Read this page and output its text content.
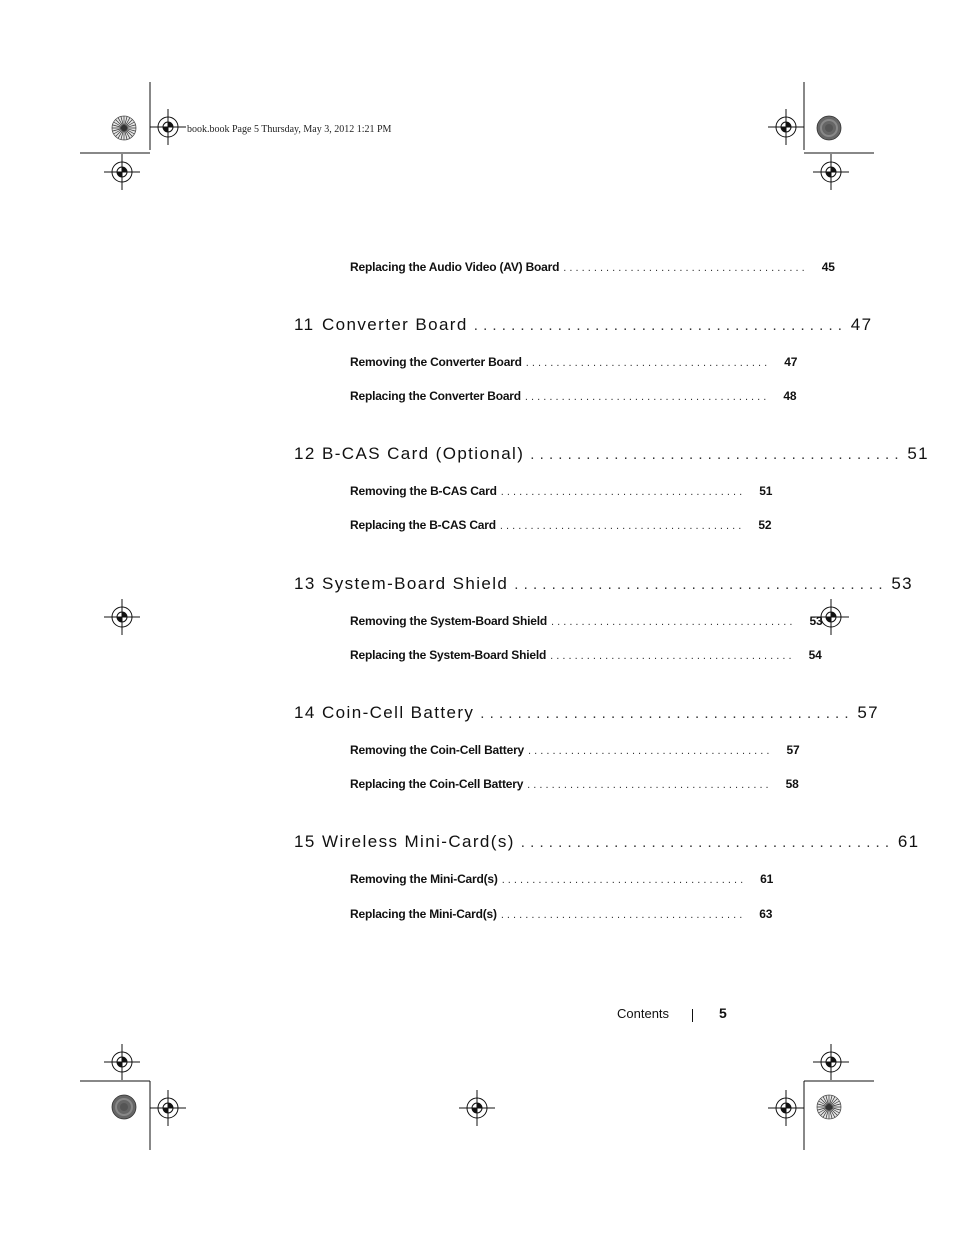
book.book Page 5 Thursday, May 3, 2012 1:21 PM
Replacing the Audio Video (AV) Board . . . . . . . . . . . . . . . . . . . . . . . . . . . . . . . . . . . . . . . .	45
11 Converter Board . . . . . . . . . . . . . . . . . . . . . . . . . . . . . . . . . . . . . . . . 47
Removing the Converter Board . . . . . . . . . . . . . . . . . . . . . . . . . . . . . . . . . . . . . . . .	47
Replacing the Converter Board . . . . . . . . . . . . . . . . . . . . . . . . . . . . . . . . . . . . . . . .	48
12 B-CAS Card (Optional) . . . . . . . . . . . . . . . . . . . . . . . . . . . . . . . . . . . . . . . . 51
Removing the B-CAS Card . . . . . . . . . . . . . . . . . . . . . . . . . . . . . . . . . . . . . . . .	51
Replacing the B-CAS Card . . . . . . . . . . . . . . . . . . . . . . . . . . . . . . . . . . . . . . . .	52
13 System-Board Shield . . . . . . . . . . . . . . . . . . . . . . . . . . . . . . . . . . . . . . . . 53
Removing the System-Board Shield . . . . . . . . . . . . . . . . . . . . . . . . . . . . . . . . . . . . . . . .	53
Replacing the System-Board Shield . . . . . . . . . . . . . . . . . . . . . . . . . . . . . . . . . . . . . . . .	54
14 Coin-Cell Battery . . . . . . . . . . . . . . . . . . . . . . . . . . . . . . . . . . . . . . . . 57
Removing the Coin-Cell Battery . . . . . . . . . . . . . . . . . . . . . . . . . . . . . . . . . . . . . . . .	57
Replacing the Coin-Cell Battery . . . . . . . . . . . . . . . . . . . . . . . . . . . . . . . . . . . . . . . .	58
15 Wireless Mini-Card(s) . . . . . . . . . . . . . . . . . . . . . . . . . . . . . . . . . . . . . . . . 61
Removing the Mini-Card(s) . . . . . . . . . . . . . . . . . . . . . . . . . . . . . . . . . . . . . . . .	61
Replacing the Mini-Card(s) . . . . . . . . . . . . . . . . . . . . . . . . . . . . . . . . . . . . . . . .	63
Contents	5
